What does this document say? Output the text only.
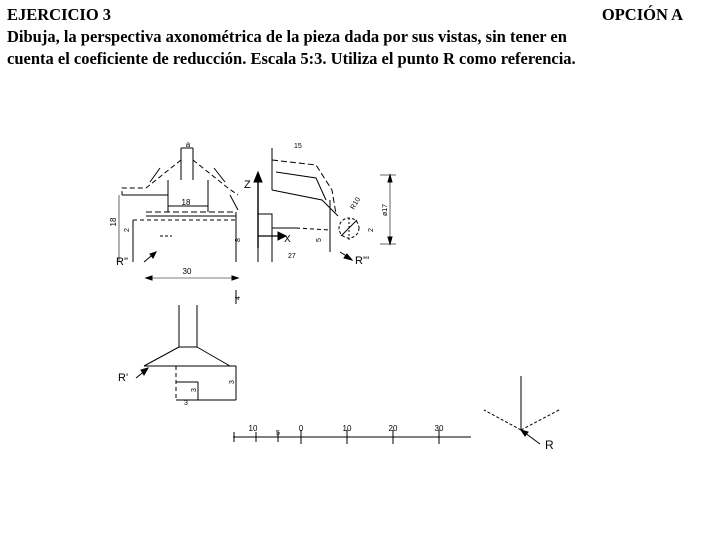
EJERCICIO 3	OPCIÓN A
Dibuja, la perspectiva axonométrica de la pieza dada por sus vistas, sin tener en
cuenta el coeficiente de reducción. Escala 5:3. Utiliza el punto R como referencia.
a
18
18
2
R''
30
8
Z
X
15
5
27
R10
2
ø17
R'''
4
R'	3
3
3
10
5
0	10	20	30
R
